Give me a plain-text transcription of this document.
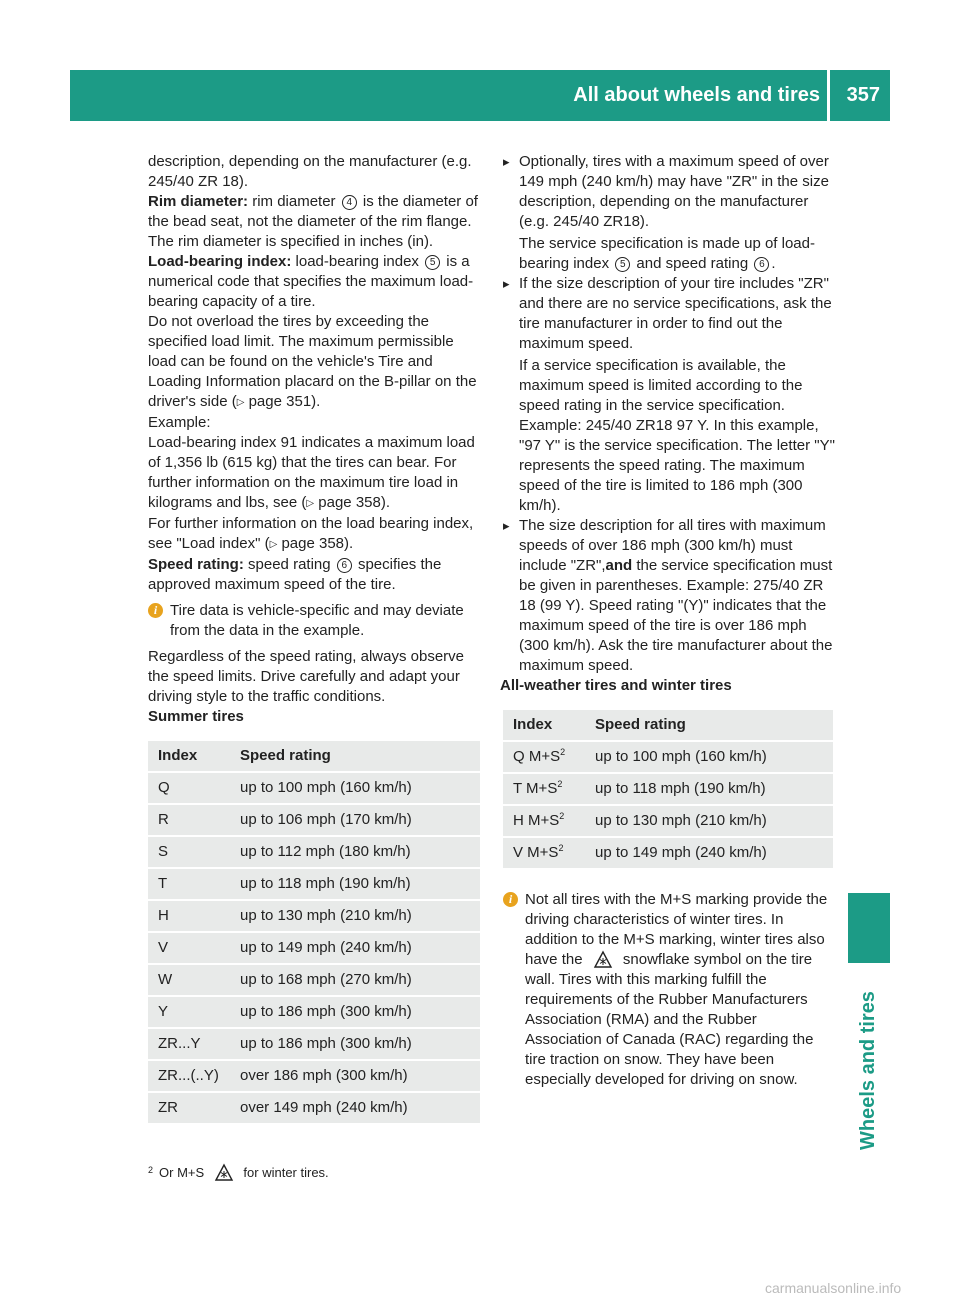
All about wheels and tires 357
Wheels and tires

description, depending on the manufacturer (e.g. 245/40 ZR 18).

Rim diameter: rim diameter 4 is the diameter of the bead seat, not the diameter of the rim flange. The rim diameter is specified in inches (in).

Load-bearing index: load-bearing index 5 is a numerical code that specifies the maximum load-bearing capacity of a tire.

Do not overload the tires by exceeding the specified load limit. The maximum permissible load can be found on the vehicle's Tire and Loading Information placard on the B-pillar on the driver's side (▷ page 351).

Example:

Load-bearing index 91 indicates a maximum load of 1,356 lb (615 kg) that the tires can bear. For further information on the maximum tire load in kilograms and lbs, see (▷ page 358).

For further information on the load bearing index, see "Load index" (▷ page 358).

Speed rating: speed rating 6 specifies the approved maximum speed of the tire.

i Tire data is vehicle-specific and may deviate from the data in the example.

Regardless of the speed rating, always observe the speed limits. Drive carefully and adapt your driving style to the traffic conditions.

Summer tires

Index	Speed rating
Q	up to 100 mph (160 km/h)
R	up to 106 mph (170 km/h)
S	up to 112 mph (180 km/h)
T	up to 118 mph (190 km/h)
H	up to 130 mph (210 km/h)
V	up to 149 mph (240 km/h)
W	up to 168 mph (270 km/h)
Y	up to 186 mph (300 km/h)
ZR...Y	up to 186 mph (300 km/h)
ZR...(..Y)	over 186 mph (300 km/h)
ZR	over 149 mph (240 km/h)

▸ Optionally, tires with a maximum speed of over 149 mph (240 km/h) may have "ZR" in the size description, depending on the manufacturer (e.g. 245/40 ZR18).

The service specification is made up of load-bearing index 5 and speed rating 6 .

▸ If the size description of your tire includes "ZR" and there are no service specifications, ask the tire manufacturer in order to find out the maximum speed.

If a service specification is available, the maximum speed is limited according to the speed rating in the service specification. Example: 245/40 ZR18 97 Y. In this example, "97 Y" is the service specification. The letter "Y" represents the speed rating. The maximum speed of the tire is limited to 186 mph (300 km/h).

▸ The size description for all tires with maximum speeds of over 186 mph (300 km/h) must include "ZR",and the service specification must be given in parentheses. Example: 275/40 ZR 18 (99 Y). Speed rating "(Y)" indicates that the maximum speed of the tire is over 186 mph (300 km/h). Ask the tire manufacturer about the maximum speed.

All-weather tires and winter tires

Index	Speed rating
Q $M+S^2$	up to 100 mph (160 km/h)
T $M+S^2$	up to 118 mph (190 km/h)
H $M+S^2$	up to 130 mph (210 km/h)
V $M+S^2$	up to 149 mph (240 km/h)
i Not all tires with the M+S marking provide the driving characteristics of winter tires. In addition to the M+S marking, winter tires also have the	snowflake symbol on the tire wall. Tires with this marking fulfill the requirements of the Rubber Manufacturers Association (RMA) and the Rubber Association of Canada (RAC) regarding the tire traction on snow. They have been especially developed for driving on snow.
$^2$ Or M+S	for winter tires.
carmanualsonline.info
